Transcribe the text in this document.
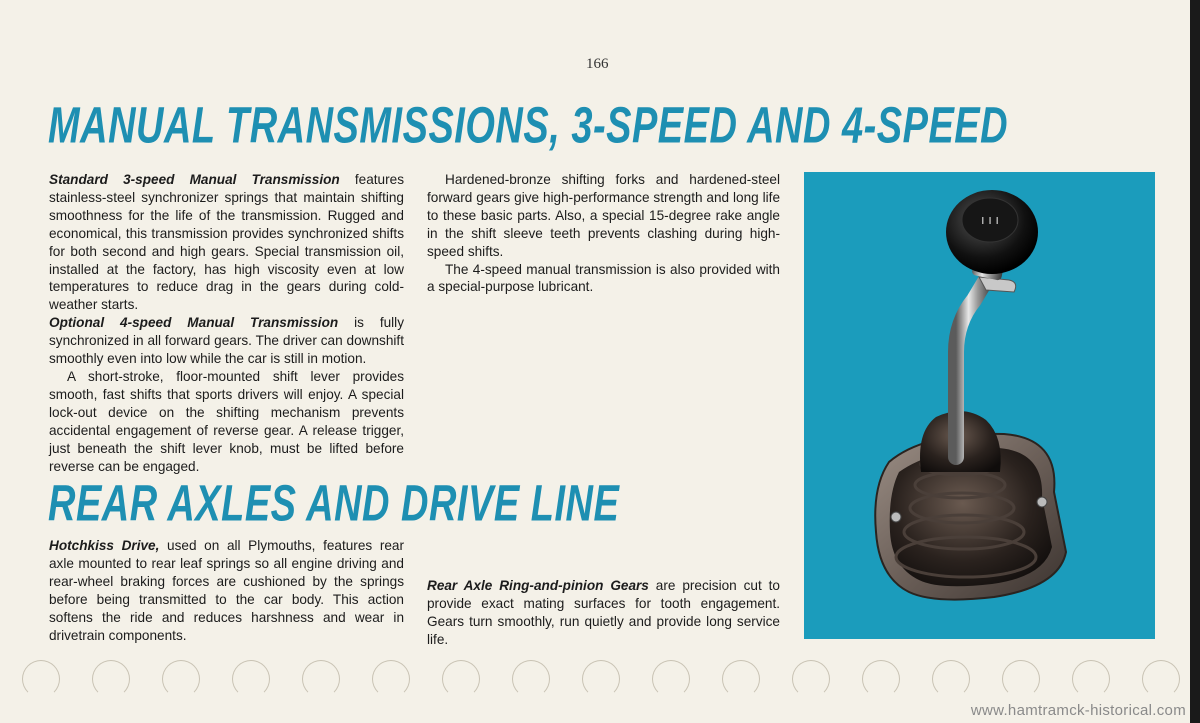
166
MANUAL TRANSMISSIONS, 3-SPEED AND 4-SPEED

Standard 3-speed Manual Transmission features stainless-steel synchronizer springs that maintain shifting smoothness for the life of the transmission. Rugged and economical, this transmission provides synchronized shifts for both second and high gears. Special transmission oil, installed at the factory, has high viscosity even at low temperatures to reduce drag in the gears during cold-weather starts.

Optional 4-speed Manual Transmission is fully synchronized in all forward gears. The driver can downshift smoothly even into low while the car is still in motion.

A short-stroke, floor-mounted shift lever provides smooth, fast shifts that sports drivers will enjoy. A special lock-out device on the shifting mechanism prevents accidental engagement of reverse gear. A release trigger, just beneath the shift lever knob, must be lifted before reverse can be engaged.

Hardened-bronze shifting forks and hardened-steel forward gears give high-performance strength and long life to these basic parts. Also, a special 15-degree rake angle in the shift sleeve teeth prevents clashing during high-speed shifts.

The 4-speed manual transmission is also provided with a special-purpose lubricant.

ı ı ı
REAR AXLES AND DRIVE LINE

Hotchkiss Drive, used on all Plymouths, features rear axle mounted to rear leaf springs so all engine driving and rear-wheel braking forces are cushioned by the springs before being transmitted to the car body. This action softens the ride and reduces harshness and wear in drivetrain components.

Rear Axle Ring-and-pinion Gears are precision cut to provide exact mating surfaces for tooth engagement. Gears turn smoothly, run quietly and provide long service life.

www.hamtramck-historical.com
